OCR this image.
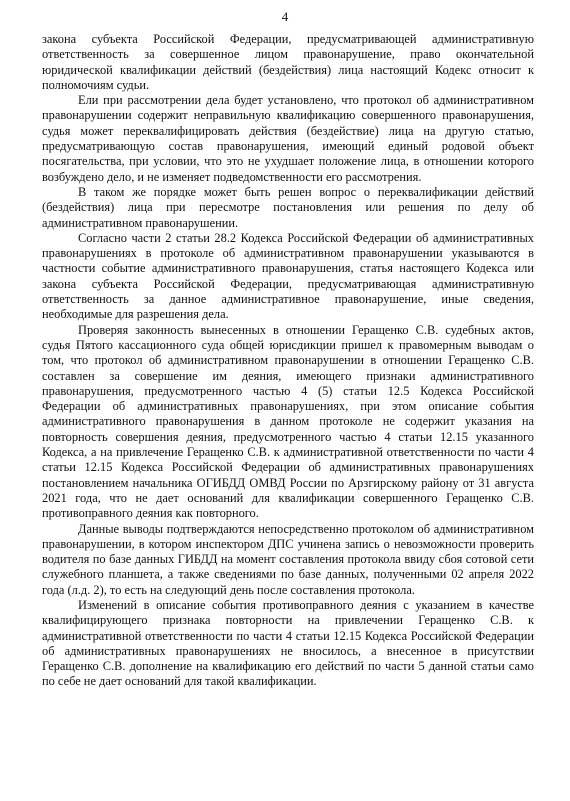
4

закона субъекта Российской Федерации, предусматривающей административную ответственность за совершенное лицом правонарушение, право окончательной юридической квалификации действий (бездействия) лица настоящий Кодекс относит к полномочиям судьи.

Ели при рассмотрении дела будет установлено, что протокол об административном правонарушении содержит неправильную квалификацию совершенного правонарушения, судья может переквалифицировать действия (бездействие) лица на другую статью, предусматривающую состав правонарушения, имеющий единый родовой объект посягательства, при условии, что это не ухудшает положение лица, в отношении которого возбуждено дело, и не изменяет подведомственности его рассмотрения.

В таком же порядке может быть решен вопрос о переквалификации действий (бездействия) лица при пересмотре постановления или решения по делу об административном правонарушении.

Согласно части 2 статьи 28.2 Кодекса Российской Федерации об административных правонарушениях в протоколе об административном правонарушении указываются в частности событие административного правонарушения, статья настоящего Кодекса или закона субъекта Российской Федерации, предусматривающая административную ответственность за данное административное правонарушение, иные сведения, необходимые для разрешения дела.

Проверяя законность вынесенных в отношении Геращенко С.В. судебных актов, судья Пятого кассационного суда общей юрисдикции пришел к правомерным выводам о том, что протокол об административном правонарушении в отношении Геращенко С.В. составлен за совершение им деяния, имеющего признаки административного правонарушения, предусмотренного частью 4 (5) статьи 12.5 Кодекса Российской Федерации об административных правонарушениях, при этом описание события административного правонарушения в данном протоколе не содержит указания на повторность совершения деяния, предусмотренного частью 4 статьи 12.15 указанного Кодекса, а на привлечение Геращенко С.В. к административной ответственности по части 4 статьи 12.15 Кодекса Российской Федерации об административных правонарушениях постановлением начальника ОГИБДД ОМВД России по Арзгирскому району от 31 августа 2021 года, что не дает оснований для квалификации совершенного Геращенко С.В. противоправного деяния как повторного.

Данные выводы подтверждаются непосредственно протоколом об административном правонарушении, в котором инспектором ДПС учинена запись о невозможности проверить водителя по базе данных ГИБДД на момент составления протокола ввиду сбоя сотовой сети служебного планшета, а также сведениями по базе данных, полученными 02 апреля 2022 года (л.д. 2), то есть на следующий день после составления протокола.

Изменений в описание события противоправного деяния с указанием в качестве квалифицирующего признака повторности на привлечении Геращенко С.В. к административной ответственности по части 4 статьи 12.15 Кодекса Российской Федерации об административных правонарушениях не вносилось, а внесенное в присутствии Геращенко С.В. дополнение на квалификацию его действий по части 5 данной статьи само по себе не дает оснований для такой квалификации.
